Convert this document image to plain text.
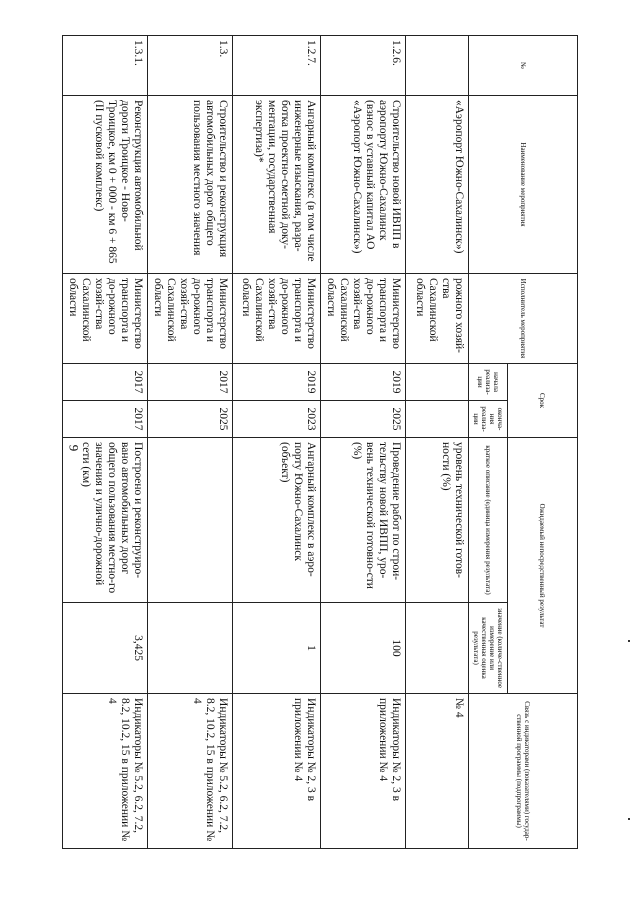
9
№	Наименование мероприятия	Исполнитель мероприятия	Срок		Ожидаемый непосредственный результат		Связь с индикаторами (показателями) государ-ственной программы (подпрограммы)
			начала реализа-ции	оконча-ния реализа-ции	краткое описание (единица измерения результата)	значение (количе-ственное измерение или качественная оценка результата)	
	«Аэропорт Южно-Сахалинск»)	рожного хозяй-ства Сахалинской области			уровень технической готов-ности (%)		№ 4
1.2.6.	Строительство новой ИВПП в аэропорту Южно-Сахалинск (взнос в уставный капитал АО «Аэропорт Южно-Сахалинск»)	Министерство транспорта и до-рожного хозяй-ства Сахалинской области	2019	2025	Проведение работ по строи-тельству новой ИВПП, уро-вень технической готовно-сти (%)	100	Индикаторы № 2, 3 в приложении № 4
1.2.7.	Ангарный комплекс (в том числе инженерные изыскания, разра-ботка проектно-сметной доку-ментации, государственная экспертиза)*	Министерство транспорта и до-рожного хозяй-ства Сахалинской области	2019	2023	Ангарный комплекс в аэро-порту Южно-Сахалинск (объект)	1	Индикаторы № 2, 3 в приложении № 4
1.3.	Строительство и реконструкция автомобильных дорог общего пользования местного значения	Министерство транспорта и до-рожного хозяй-ства Сахалинской области	2017	2025			Индикаторы № 5.2, 6.2, 7.2, 8.2, 10.2, 15 в приложении № 4
1.3.1.	Реконструкция автомобильной дороги Троицкое - Ново-Троицкое, км 0 + 000 - км 6 + 865 (II пусковой комплекс)	Министерство транспорта и до-рожного хозяй-ства Сахалинской области	2017	2017	Построено и реконструиро-вано автомобильных дорог общего пользования местно-го значения и улично-дорожной сети (км)	3,425	Индикаторы № 5.2, 6.2, 7.2, 8.2, 10.2, 15 в приложении № 4
